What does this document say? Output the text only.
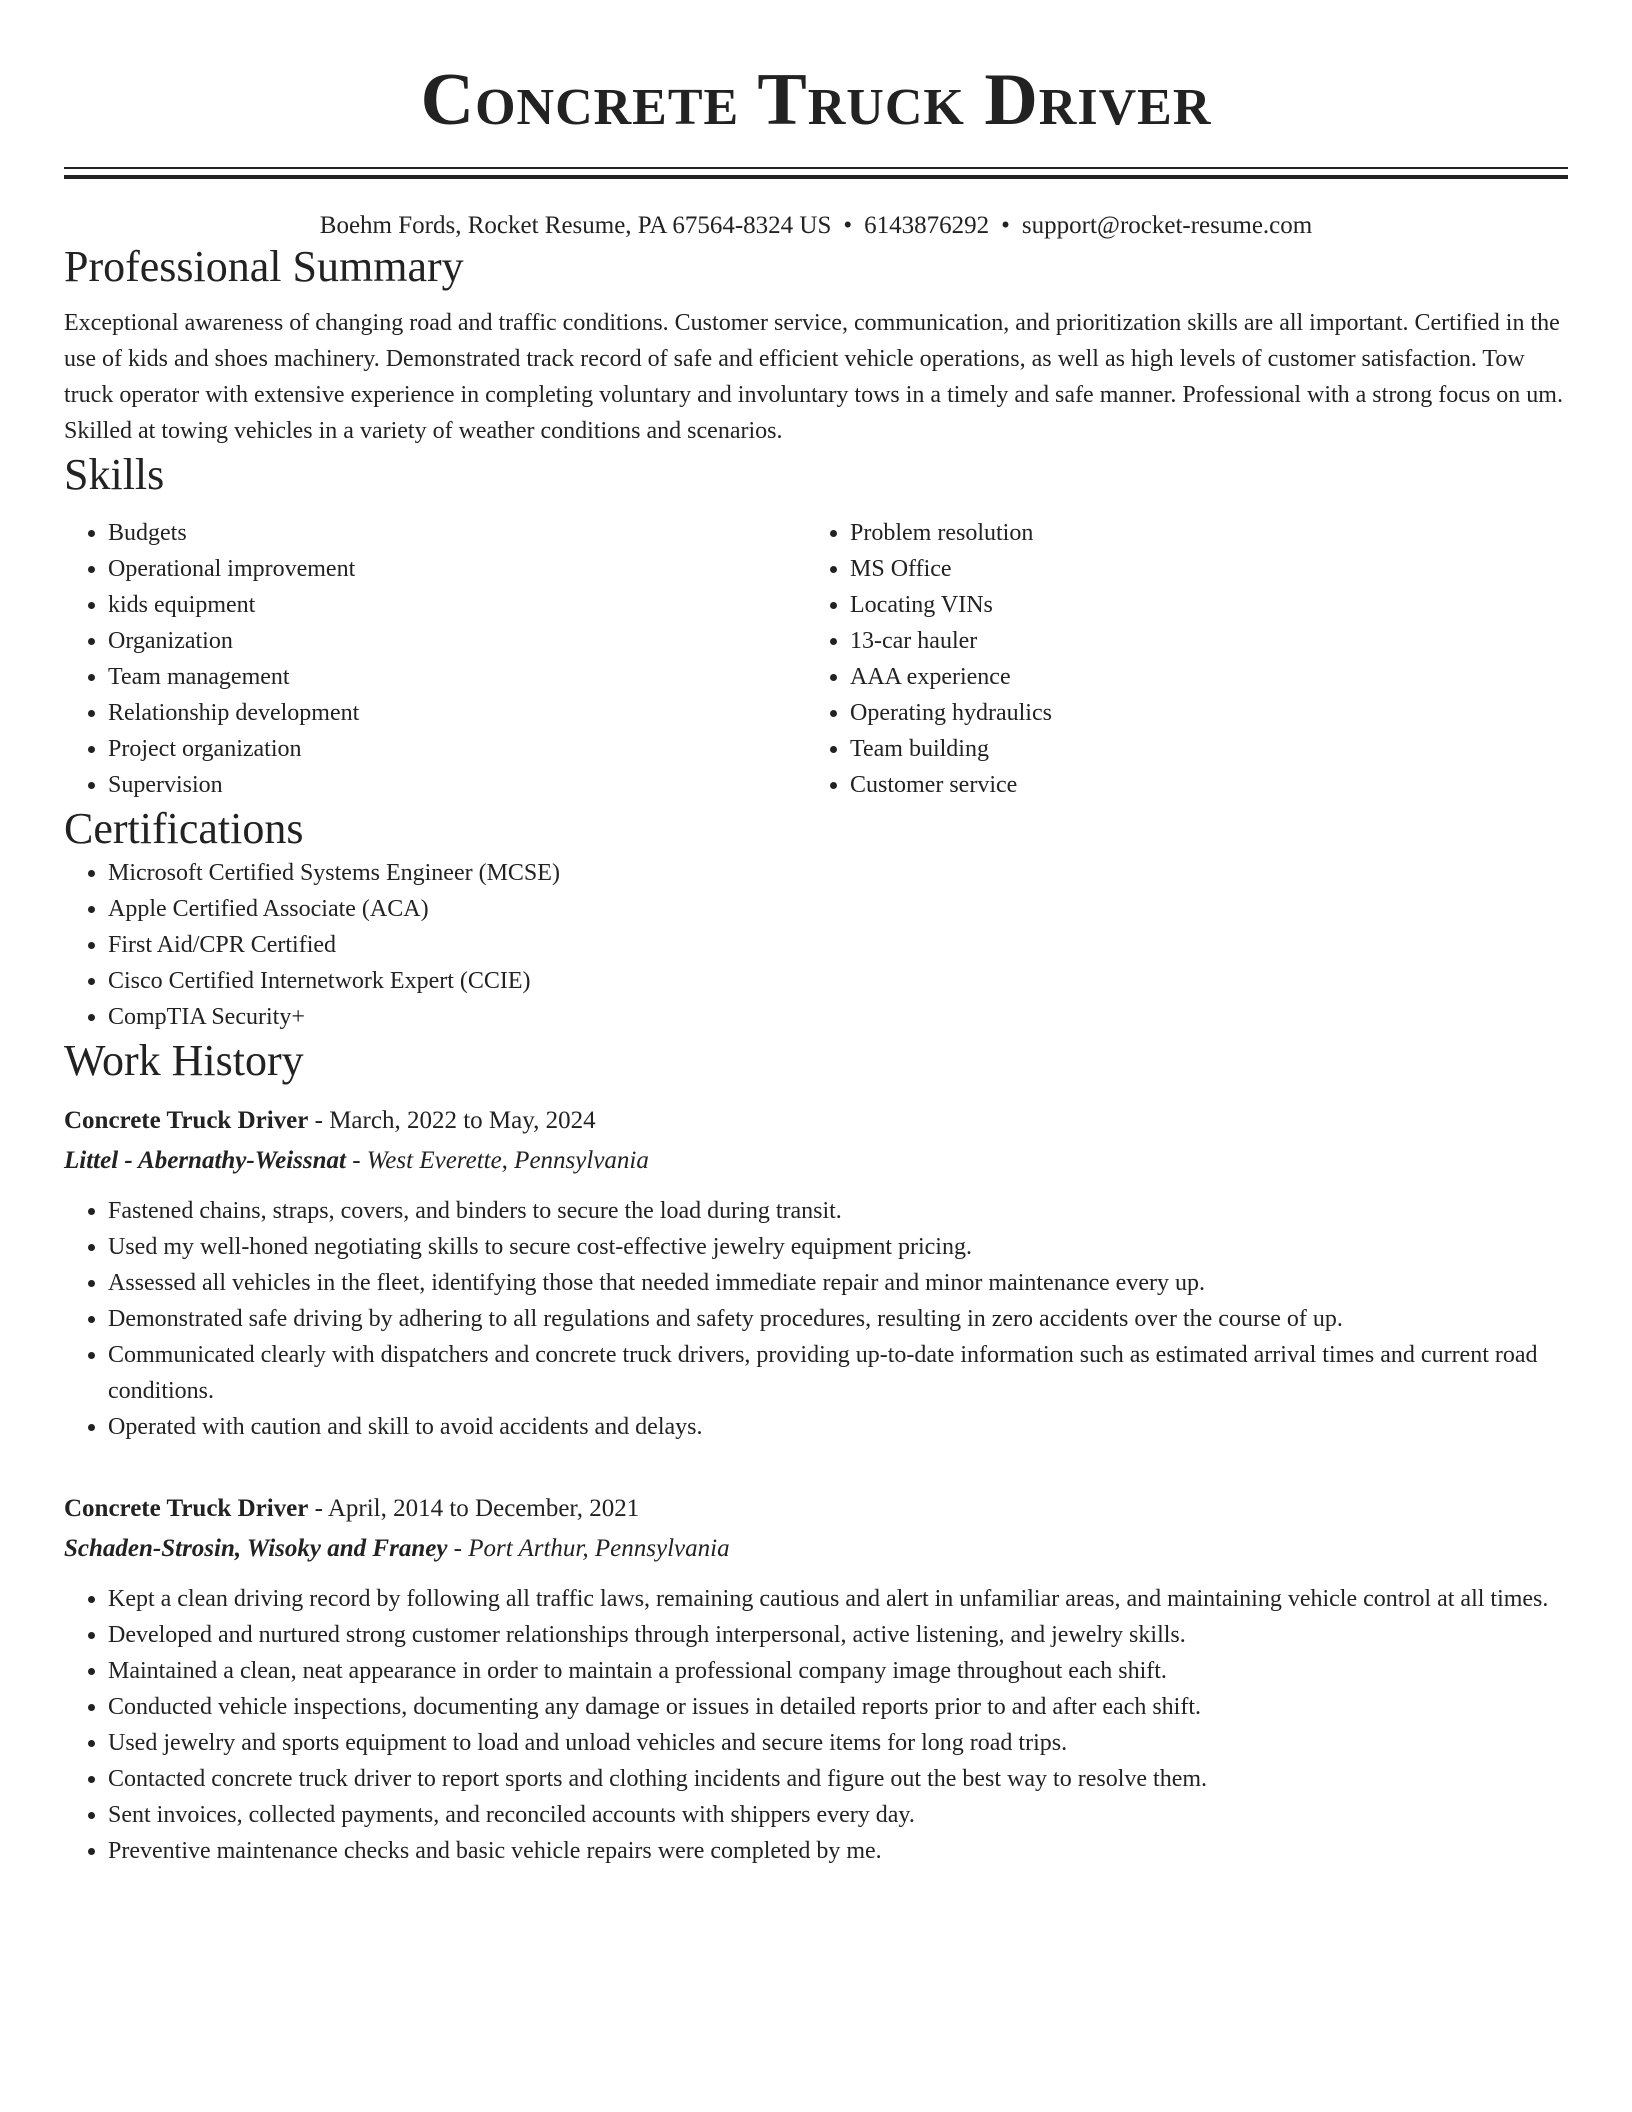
Concrete Truck Driver
Boehm Fords, Rocket Resume, PA 67564-8324 US • 6143876292 • support@rocket-resume.com
Professional Summary

Exceptional awareness of changing road and traffic conditions. Customer service, communication, and prioritization skills are all important. Certified in the use of kids and shoes machinery. Demonstrated track record of safe and efficient vehicle operations, as well as high levels of customer satisfaction. Tow truck operator with extensive experience in completing voluntary and involuntary tows in a timely and safe manner. Professional with a strong focus on um. Skilled at towing vehicles in a variety of weather conditions and scenarios.

Skills
• Budgets
• Operational improvement
• kids equipment
• Organization
• Team management
• Relationship development
• Project organization
• Supervision
• Problem resolution
• MS Office
• Locating VINs
• 13-car hauler
• AAA experience
• Operating hydraulics
• Team building
• Customer service
Certifications
• Microsoft Certified Systems Engineer (MCSE)
• Apple Certified Associate (ACA)
• First Aid/CPR Certified
• Cisco Certified Internetwork Expert (CCIE)
• CompTIA Security+
Work History
Concrete Truck Driver - March, 2022 to May, 2024
Littel - Abernathy-Weissnat - West Everette, Pennsylvania
• Fastened chains, straps, covers, and binders to secure the load during transit.
• Used my well-honed negotiating skills to secure cost-effective jewelry equipment pricing.
• Assessed all vehicles in the fleet, identifying those that needed immediate repair and minor maintenance every up.
• Demonstrated safe driving by adhering to all regulations and safety procedures, resulting in zero accidents over the course of up.
• Communicated clearly with dispatchers and concrete truck drivers, providing up-to-date information such as estimated arrival times and current road conditions.
• Operated with caution and skill to avoid accidents and delays.
Concrete Truck Driver - April, 2014 to December, 2021
Schaden-Strosin, Wisoky and Franey - Port Arthur, Pennsylvania
• Kept a clean driving record by following all traffic laws, remaining cautious and alert in unfamiliar areas, and maintaining vehicle control at all times.
• Developed and nurtured strong customer relationships through interpersonal, active listening, and jewelry skills.
• Maintained a clean, neat appearance in order to maintain a professional company image throughout each shift.
• Conducted vehicle inspections, documenting any damage or issues in detailed reports prior to and after each shift.
• Used jewelry and sports equipment to load and unload vehicles and secure items for long road trips.
• Contacted concrete truck driver to report sports and clothing incidents and figure out the best way to resolve them.
• Sent invoices, collected payments, and reconciled accounts with shippers every day.
• Preventive maintenance checks and basic vehicle repairs were completed by me.
